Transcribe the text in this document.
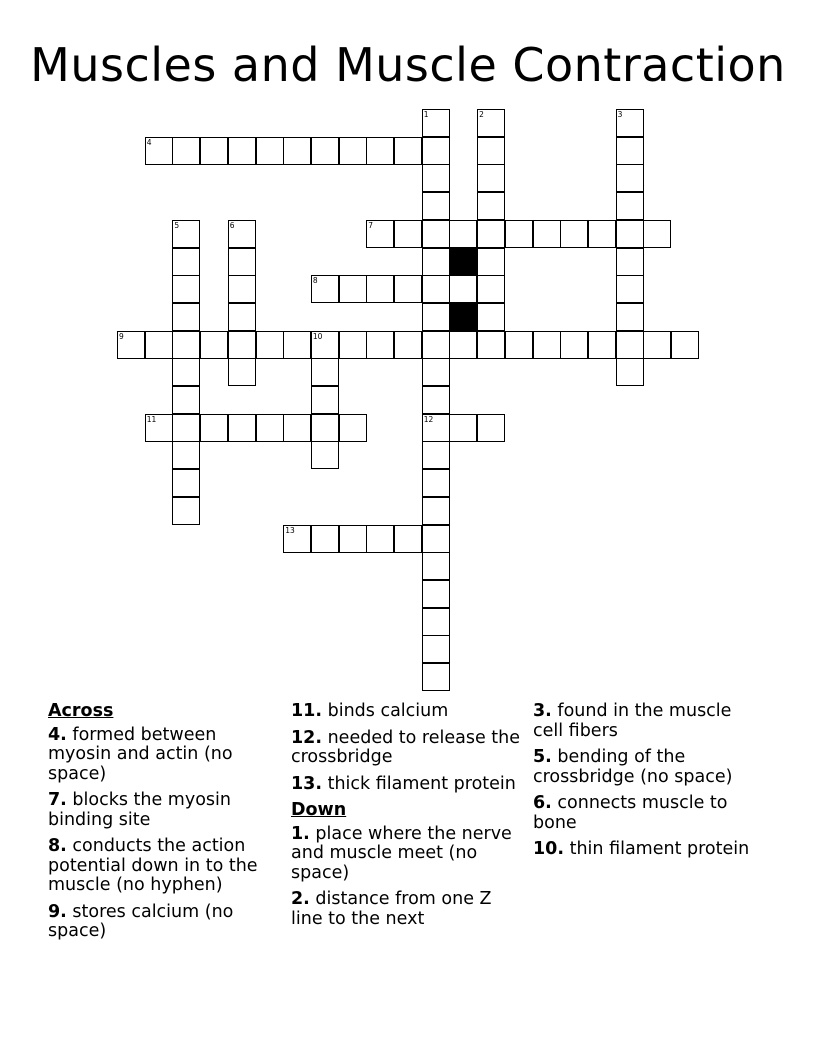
Muscles and Muscle Contraction
1
12
2	3
4
5	6	7
8
9	10
11
13
Across
4. formed between myosin and actin (no space)
7. blocks the myosin binding site
8. conducts the action potential down in to the muscle (no hyphen)
9. stores calcium (no space)
11. binds calcium
12. needed to release the crossbridge
13. thick filament protein
Down
1. place where the nerve and muscle meet (no space)
2. distance from one Z line to the next
3. found in the muscle cell fibers
5. bending of the crossbridge (no space)
6. connects muscle to bone
10. thin filament protein
